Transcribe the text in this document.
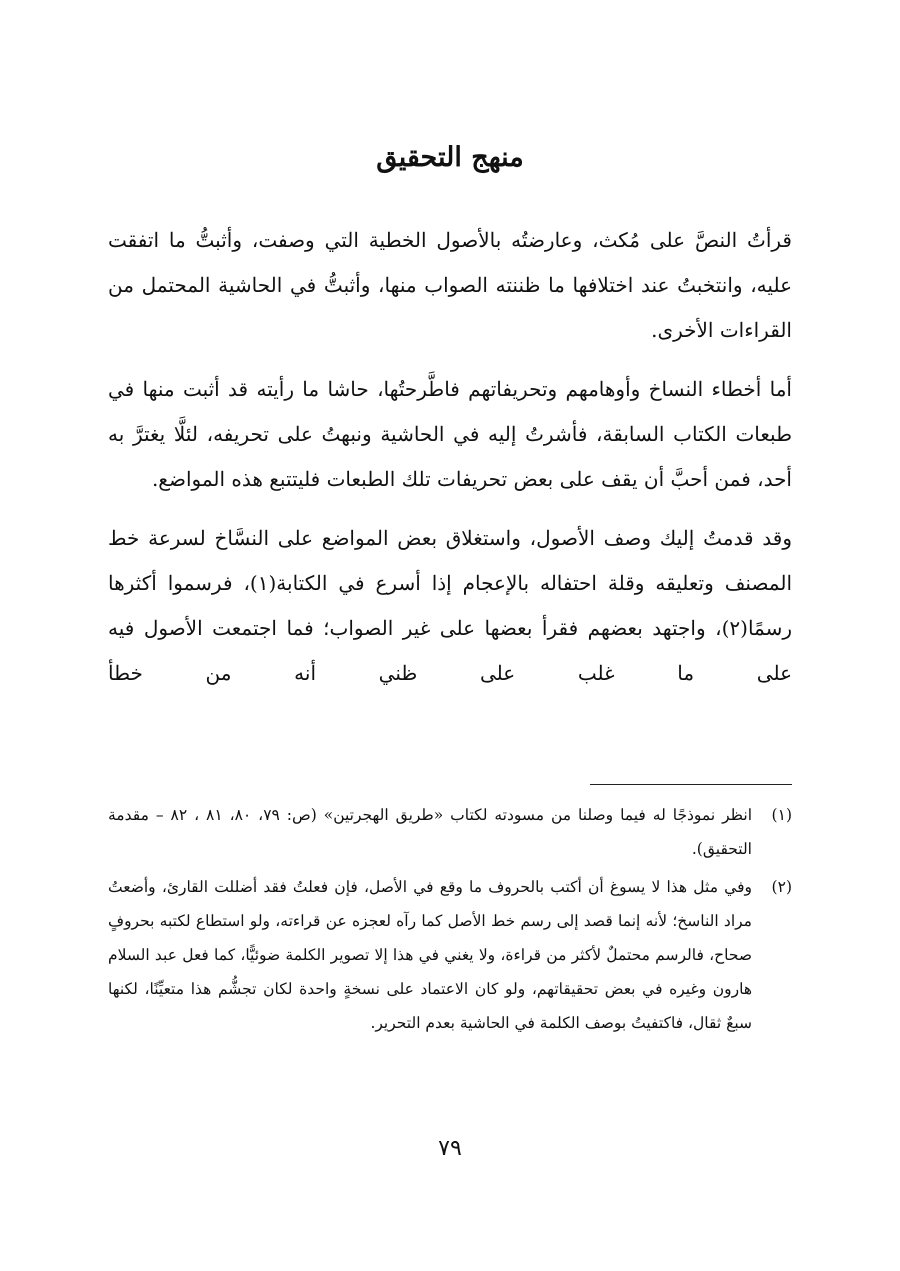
منهج التحقيق

قرأتُ النصَّ على مُكث، وعارضتُه بالأصول الخطية التي وصفت، وأثبتُّ ما اتفقت عليه، وانتخبتُ عند اختلافها ما ظننته الصواب منها، وأثبتُّ في الحاشية المحتمل من القراءات الأخرى.

أما أخطاء النساخ وأوهامهم وتحريفاتهم فاطَّرحتُها، حاشا ما رأيته قد أثبت منها في طبعات الكتاب السابقة، فأشرتُ إليه في الحاشية ونبهتُ على تحريفه، لئلَّا يغترَّ به أحد، فمن أحبَّ أن يقف على بعض تحريفات تلك الطبعات فليتتبع هذه المواضع.

وقد قدمتُ إليك وصف الأصول، واستغلاق بعض المواضع على النسَّاخ لسرعة خط المصنف وتعليقه وقلة احتفاله بالإعجام إذا أسرع في الكتابة(١)، فرسموا أكثرها رسمًا(٢)، واجتهد بعضهم فقرأ بعضها على غير الصواب؛ فما اجتمعت الأصول فيه على ما غلب على ظني أنه من خطأ

(١)
انظر نموذجًا له فيما وصلنا من مسودته لكتاب «طريق الهجرتين» (ص: ٧٩، ٨٠، ٨١ ، ٨٢ – مقدمة التحقيق).
(٢)
وفي مثل هذا لا يسوغ أن أكتب بالحروف ما وقع في الأصل، فإن فعلتُ فقد أضللت القارئ، وأضعتُ مراد الناسخ؛ لأنه إنما قصد إلى رسم خط الأصل كما رآه لعجزه عن قراءته، ولو استطاع لكتبه بحروفٍ صحاح، فالرسم محتملٌ لأكثر من قراءة، ولا يغني في هذا إلا تصوير الكلمة ضوئيًّا، كما فعل عبد السلام هارون وغيره في بعض تحقيقاتهم، ولو كان الاعتماد على نسخةٍ واحدة لكان تجشُّم هذا متعيِّنًا، لكنها سبعٌ ثقال، فاكتفيتُ بوصف الكلمة في الحاشية بعدم التحرير.
٧٩
